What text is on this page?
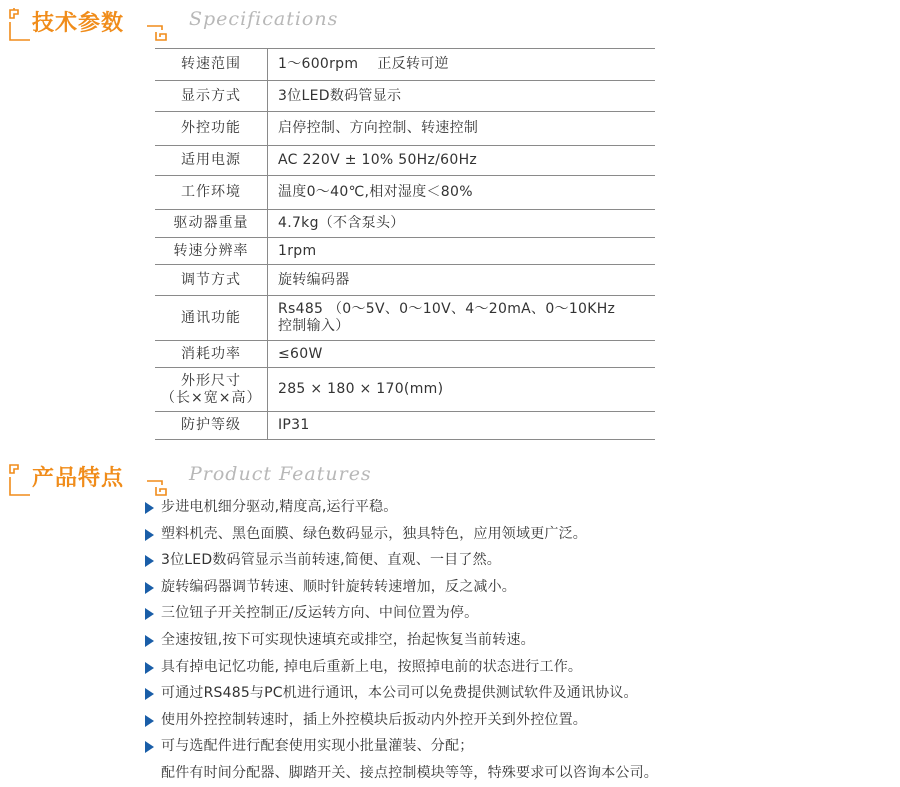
技术参数	Specifications
转速范围	1～600rpm 　正反转可逆

显示方式	3位LED数码管显示

外控功能	启停控制、方向控制、转速控制

适用电源	AC 220V ± 10% 50Hz/60Hz

工作环境	温度0～40℃,相对湿度＜80%

驱动器重量	4.7kg（不含泵头）

转速分辨率	1rpm

调节方式	旋转编码器

通讯功能	Rs485 （0～5V、0～10V、4～20mA、0～10KHz
控制输入）

消耗功率	≤60W

外形尺寸
（长×宽×高）	285 × 180 × 170(mm)

防护等级	IP31
产品特点	Product Features
步进电机细分驱动,精度高,运行平稳。
塑料机壳、黑色面膜、绿色数码显示，独具特色，应用领域更广泛。
3位LED数码管显示当前转速,简便、直观、一目了然。
旋转编码器调节转速、顺时针旋转转速增加，反之减小。
三位钮子开关控制正/反运转方向、中间位置为停。
全速按钮,按下可实现快速填充或排空，抬起恢复当前转速。
具有掉电记忆功能, 掉电后重新上电，按照掉电前的状态进行工作。
可通过RS485与PC机进行通讯，本公司可以免费提供测试软件及通讯协议。
使用外控控制转速时，插上外控模块后扳动内外控开关到外控位置。
可与选配件进行配套使用实现小批量灌装、分配；
配件有时间分配器、脚踏开关、接点控制模块等等，特殊要求可以咨询本公司。
